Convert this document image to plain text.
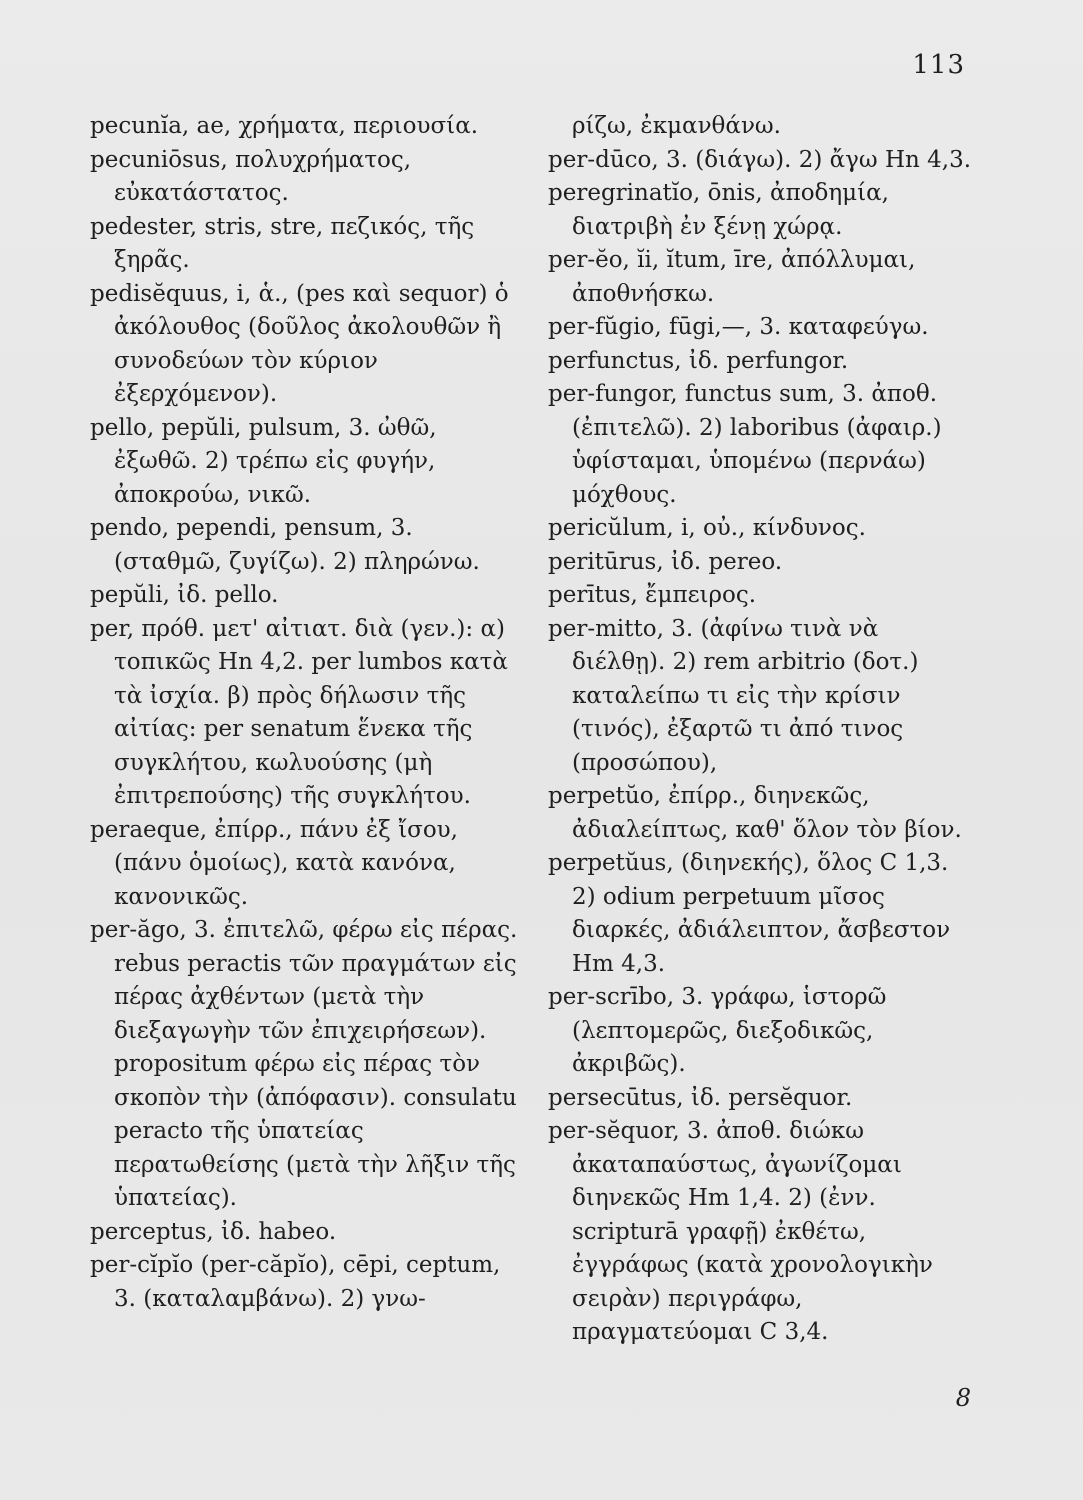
113

pecunĭa, ae, χρήματα, περιουσία.

pecuniōsus, πολυχρήματος, εὐκατάστατος.

pedester, stris, stre, πεζικός, τῆς ξηρᾶς.

pedisĕquus, i, ἁ., (pes καὶ sequor) ὁ ἀκόλουθος (δοῦλος ἀκολουθῶν ἢ συνοδεύων τὸν κύριον ἐξερχόμενον).

pello, pepŭli, pulsum, 3. ὠθῶ, ἐξωθῶ. 2) τρέπω εἰς φυγήν, ἀποκρούω, νικῶ.

pendo, pependi, pensum, 3. (σταθμῶ, ζυγίζω). 2) πληρώνω.

pepŭli, ἰδ. pello.

per, πρόθ. μετ' αἰτιατ. διὰ (γεν.): α) τοπικῶς Hn 4,2. per lumbos κατὰ τὰ ἰσχία. β) πρὸς δήλωσιν τῆς αἰτίας: per senatum ἕνεκα τῆς συγκλήτου, κωλυούσης (μὴ ἐπιτρεπούσης) τῆς συγκλήτου.

peraeque, ἐπίρρ., πάνυ ἐξ ἴσου, (πάνυ ὁμοίως), κατὰ κανόνα, κανονικῶς.

per-ăgo, 3. ἐπιτελῶ, φέρω εἰς πέρας. rebus peractis τῶν πραγμάτων εἰς πέρας ἀχθέντων (μετὰ τὴν διεξαγωγὴν τῶν ἐπιχειρήσεων).

propositum φέρω εἰς πέρας τὸν σκοπὸν τὴν (ἀπόφασιν). consulatu peracto τῆς ὑπατείας περατωθείσης (μετὰ τὴν λῆξιν τῆς ὑπατείας).

perceptus, ἰδ. habeo.

per-cĭpĭo (per-căpĭo), cēpi, ceptum, 3. (καταλαμβάνω). 2) γνω-

ρίζω, ἐκμανθάνω.

per-dūco, 3. (διάγω). 2) ἄγω Hn 4,3.

peregrinatĭo, ōnis, ἀποδημία, διατριβὴ ἐν ξένῃ χώρᾳ.

per-ĕo, ĭi, ĭtum, īre, ἀπόλλυμαι, ἀποθνήσκω.

per-fŭgio, fūgi,—, 3. καταφεύγω.

perfunctus, ἰδ. perfungor.

per-fungor, functus sum, 3. ἀποθ. (ἐπιτελῶ). 2) laboribus (ἀφαιρ.) ὑφίσταμαι, ὑπομένω (περνάω) μόχθους.

pericŭlum, i, οὐ., κίνδυνος.

peritūrus, ἰδ. pereo.

perītus, ἔμπειρος.

per-mitto, 3. (ἀφίνω τινὰ νὰ διέλθῃ). 2) rem arbitrio (δοτ.) καταλείπω τι εἰς τὴν κρίσιν (τινός), ἐξαρτῶ τι ἀπό τινος (προσώπου),

perpetŭo, ἐπίρρ., διηνεκῶς, ἀδιαλείπτως, καθ' ὅλον τὸν βίον.

perpetŭus, (διηνεκής), ὅλος C 1,3. 2) odium perpetuum μῖσος διαρκές, ἀδιάλειπτον, ἄσβεστον Hm 4,3.

per-scrībo, 3. γράφω, ἱστορῶ (λεπτομερῶς, διεξοδικῶς, ἀκριβῶς).

persecūtus, ἰδ. persĕquor.

per-sĕquor, 3. ἀποθ. διώκω ἀκαταπαύστως, ἀγωνίζομαι διηνεκῶς Hm 1,4. 2) (ἐνν. scripturā γραφῇ) ἐκθέτω, ἐγγράφως (κατὰ χρονολογικὴν σειρὰν) περιγράφω, πραγματεύομαι C 3,4.

8
